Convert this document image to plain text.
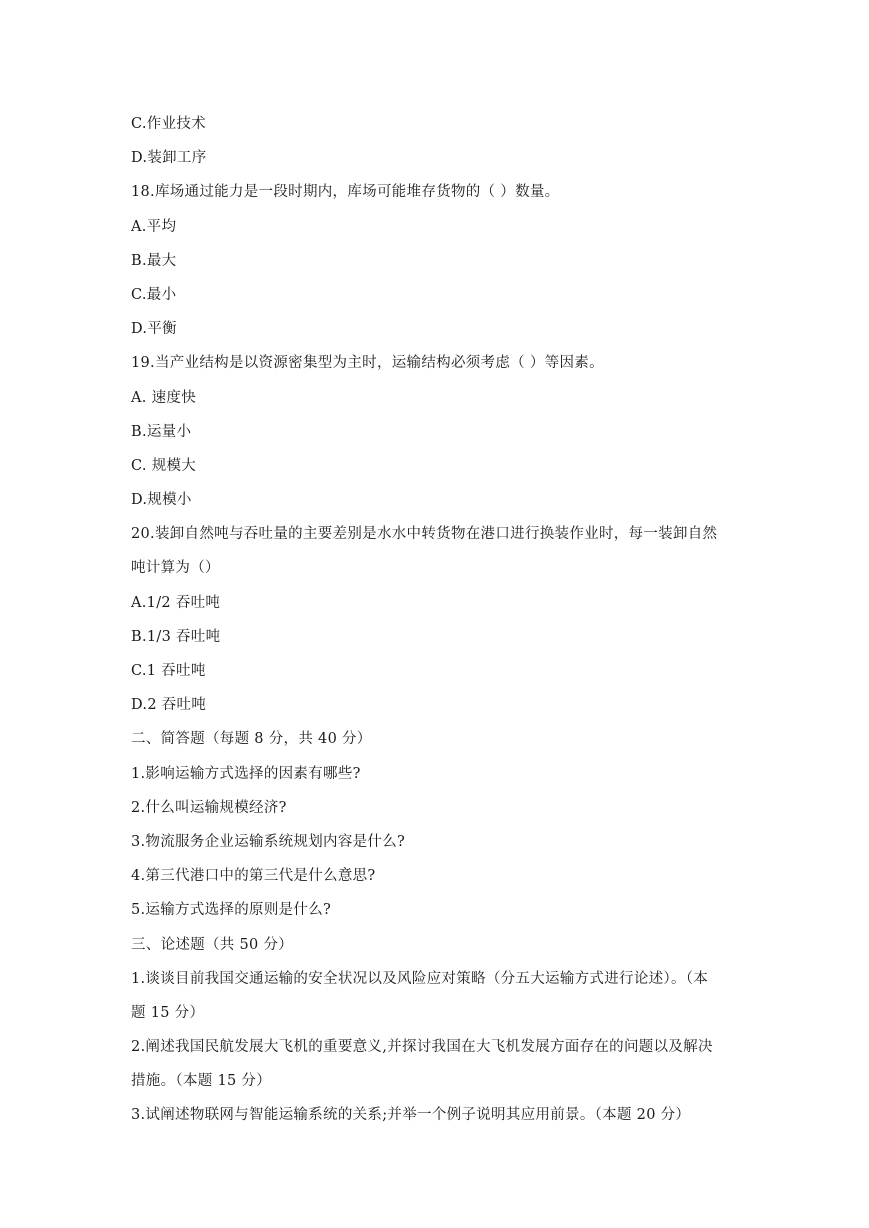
C.作业技术
D.装卸工序
18.库场通过能力是一段时期内，库场可能堆存货物的（ ）数量。
A.平均
B.最大
C.最小
D.平衡
19.当产业结构是以资源密集型为主时，运输结构必须考虑（ ）等因素。
A. 速度快
B.运量小
C. 规模大
D.规模小
20.装卸自然吨与吞吐量的主要差别是水水中转货物在港口进行换装作业时，每一装卸自然
吨计算为（）
A.1/2 吞吐吨
B.1/3 吞吐吨
C.1 吞吐吨
D.2 吞吐吨
二、简答题（每题 8 分，共 40 分）
1.影响运输方式选择的因素有哪些?
2.什么叫运输规模经济?
3.物流服务企业运输系统规划内容是什么?
4.第三代港口中的第三代是什么意思?
5.运输方式选择的原则是什么?
三、论述题（共 50 分）
1.谈谈目前我国交通运输的安全状况以及风险应对策略（分五大运输方式进行论述）。（本
题 15 分）
2.阐述我国民航发展大飞机的重要意义,并探讨我国在大飞机发展方面存在的问题以及解决
措施。（本题 15 分）
3.试阐述物联网与智能运输系统的关系;并举一个例子说明其应用前景。（本题 20 分）
